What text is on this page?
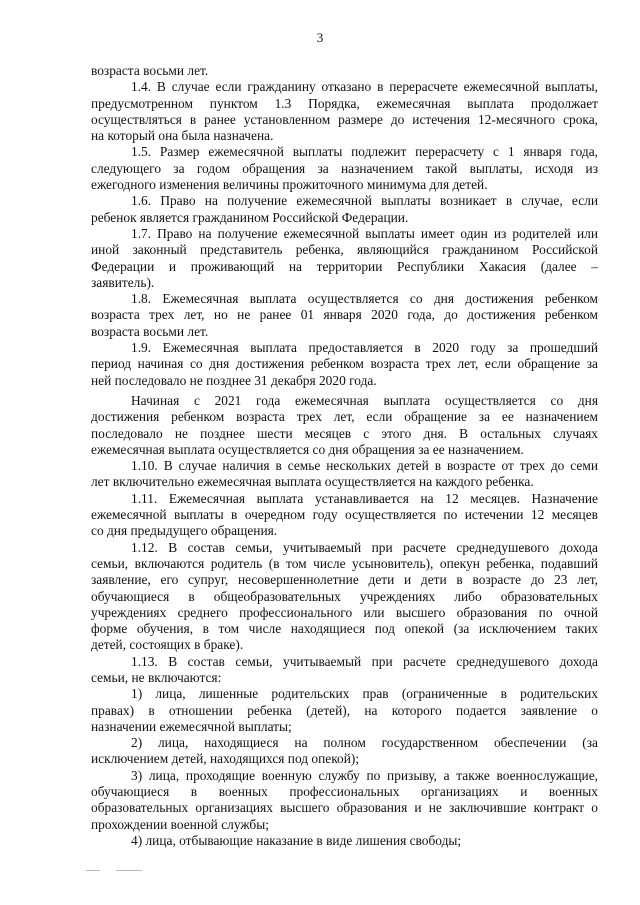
3
возраста восьми лет.
1.4. В случае если гражданину отказано в перерасчете ежемесячной выплаты,
предусмотренном пунктом 1.3 Порядка, ежемесячная выплата продолжает
осуществляться в ранее установленном размере до истечения 12-месячного срока,
на который она была назначена.
1.5. Размер ежемесячной выплаты подлежит перерасчету с 1 января года,
следующего за годом обращения за назначением такой выплаты, исходя из
ежегодного изменения величины прожиточного минимума для детей.
1.6. Право на получение ежемесячной выплаты возникает в случае, если
ребенок является гражданином Российской Федерации.
1.7. Право на получение ежемесячной выплаты имеет один из родителей или
иной законный представитель ребенка, являющийся гражданином Российской
Федерации и проживающий на территории Республики Хакасия (далее –
заявитель).
1.8. Ежемесячная выплата осуществляется со дня достижения ребенком
возраста трех лет, но не ранее 01 января 2020 года, до достижения ребенком
возраста восьми лет.
1.9. Ежемесячная выплата предоставляется в 2020 году за прошедший
период начиная со дня достижения ребенком возраста трех лет, если обращение за
ней последовало не позднее 31 декабря 2020 года.
Начиная с 2021 года ежемесячная выплата осуществляется со дня
достижения ребенком возраста трех лет, если обращение за ее назначением
последовало не позднее шести месяцев с этого дня. В остальных случаях
ежемесячная выплата осуществляется со дня обращения за ее назначением.
1.10. В случае наличия в семье нескольких детей в возрасте от трех до семи
лет включительно ежемесячная выплата осуществляется на каждого ребенка.
1.11. Ежемесячная выплата устанавливается на 12 месяцев. Назначение
ежемесячной выплаты в очередном году осуществляется по истечении 12 месяцев
со дня предыдущего обращения.
1.12. В состав семьи, учитываемый при расчете среднедушевого дохода
семьи, включаются родитель (в том числе усыновитель), опекун ребенка, подавший
заявление, его супруг, несовершеннолетние дети и дети в возрасте до 23 лет,
обучающиеся в общеобразовательных учреждениях либо образовательных
учреждениях среднего профессионального или высшего образования по очной
форме обучения, в том числе находящиеся под опекой (за исключением таких
детей, состоящих в браке).
1.13. В состав семьи, учитываемый при расчете среднедушевого дохода
семьи, не включаются:
1) лица, лишенные родительских прав (ограниченные в родительских
правах) в отношении ребенка (детей), на которого подается заявление о
назначении ежемесячной выплаты;
2) лица, находящиеся на полном государственном обеспечении (за
исключением детей, находящихся под опекой);
3) лица, проходящие военную службу по призыву, а также военнослужащие,
обучающиеся в военных профессиональных организациях и военных
образовательных организациях высшего образования и не заключившие контракт о
прохождении военной службы;
4) лица, отбывающие наказание в виде лишения свободы;
